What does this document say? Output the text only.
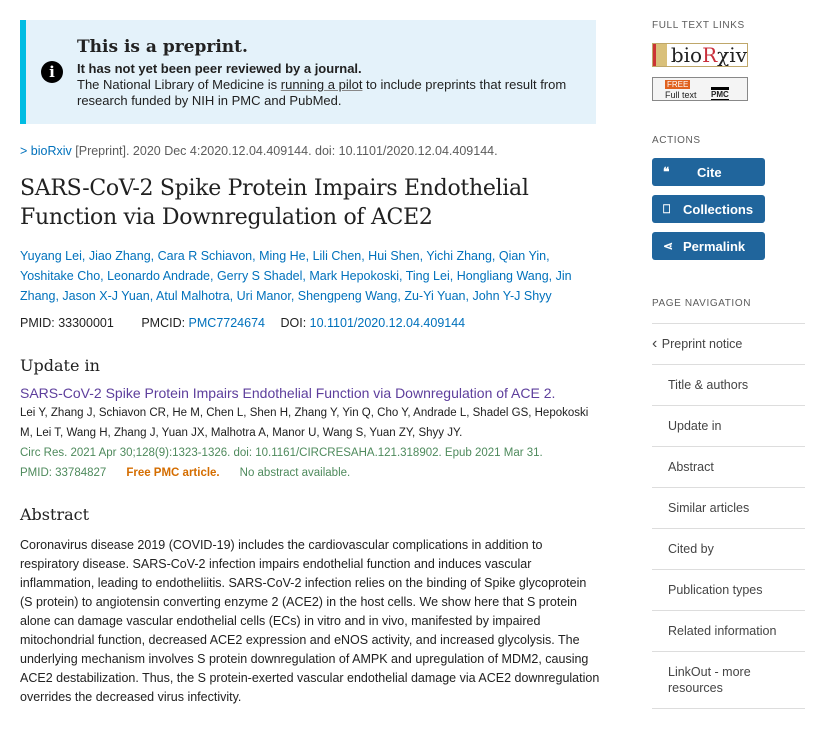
i
This is a preprint.
It has not yet been peer reviewed by a journal.
The National Library of Medicine is running a pilot to include preprints that result from research funded by NIH in PMC and PubMed.
> bioRxiv [Preprint]. 2020 Dec 4:2020.12.04.409144. doi: 10.1101/2020.12.04.409144.
SARS-CoV-2 Spike Protein Impairs Endothelial Function via Downregulation of ACE2
Yuyang Lei, Jiao Zhang, Cara R Schiavon, Ming He, Lili Chen, Hui Shen, Yichi Zhang, Qian Yin, Yoshitake Cho, Leonardo Andrade, Gerry S Shadel, Mark Hepokoski, Ting Lei, Hongliang Wang, Jin Zhang, Jason X-J Yuan, Atul Malhotra, Uri Manor, Shengpeng Wang, Zu-Yi Yuan, John Y-J Shyy
PMID: 33300001 PMCID: PMC7724674 DOI: 10.1101/2020.12.04.409144
Update in
SARS-CoV-2 Spike Protein Impairs Endothelial Function via Downregulation of ACE 2.
Lei Y, Zhang J, Schiavon CR, He M, Chen L, Shen H, Zhang Y, Yin Q, Cho Y, Andrade L, Shadel GS, Hepokoski M, Lei T, Wang H, Zhang J, Yuan JX, Malhotra A, Manor U, Wang S, Yuan ZY, Shyy JY.
Circ Res. 2021 Apr 30;128(9):1323-1326. doi: 10.1161/CIRCRESAHA.121.318902. Epub 2021 Mar 31.
PMID: 33784827 Free PMC article. No abstract available.
Abstract

Coronavirus disease 2019 (COVID-19) includes the cardiovascular complications in addition to respiratory disease. SARS-CoV-2 infection impairs endothelial function and induces vascular inflammation, leading to endotheliitis. SARS-CoV-2 infection relies on the binding of Spike glycoprotein (S protein) to angiotensin converting enzyme 2 (ACE2) in the host cells. We show here that S protein alone can damage vascular endothelial cells (ECs) in vitro and in vivo, manifested by impaired mitochondrial function, decreased ACE2 expression and eNOS activity, and increased glycolysis. The underlying mechanism involves S protein downregulation of AMPK and upregulation of MDM2, causing ACE2 destabilization. Thus, the S protein-exerted vascular endothelial damage via ACE2 downregulation overrides the decreased virus infectivity.

FULL TEXT LINKS
bio R χiv
FREE
Full text PMC
ACTIONS
❝	Cite
⎕ Collections
⋖ Permalink
PAGE NAVIGATION
‹ Preprint notice
Title & authors
Update in
Abstract
Similar articles
Cited by
Publication types
Related information
LinkOut - more resources
